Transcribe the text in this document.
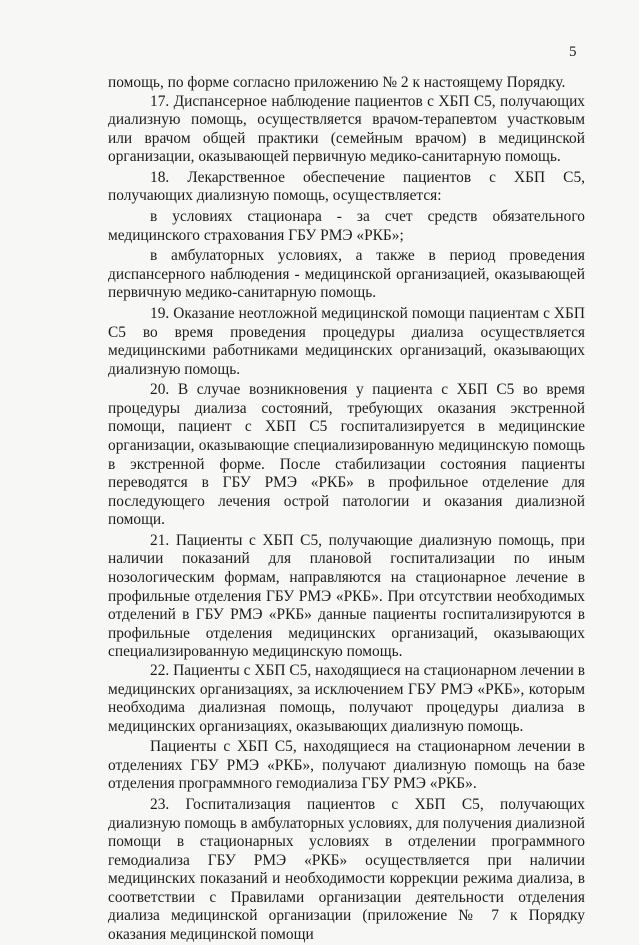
5

помощь, по форме согласно приложению № 2 к настоящему Порядку.

17. Диспансерное наблюдение пациентов с ХБП С5, получающих диализную помощь, осуществляется врачом-терапевтом участковым или врачом общей практики (семейным врачом) в медицинской организации, оказывающей первичную медико-санитарную помощь.

18. Лекарственное обеспечение пациентов с ХБП С5, получающих диализную помощь, осуществляется:

в условиях стационара - за счет средств обязательного медицинского страхования ГБУ РМЭ «РКБ»;

в амбулаторных условиях, а также в период проведения диспансерного наблюдения - медицинской организацией, оказывающей первичную медико-санитарную помощь.

19. Оказание неотложной медицинской помощи пациентам с ХБП С5 во время проведения процедуры диализа осуществляется медицинскими работниками медицинских организаций, оказывающих диализную помощь.

20. В случае возникновения у пациента с ХБП С5 во время процедуры диализа состояний, требующих оказания экстренной помощи, пациент с ХБП С5 госпитализируется в медицинские организации, оказывающие специализированную медицинскую помощь в экстренной форме. После стабилизации состояния пациенты переводятся в ГБУ РМЭ «РКБ» в профильное отделение для последующего лечения острой патологии и оказания диализной помощи.

21. Пациенты с ХБП С5, получающие диализную помощь, при наличии показаний для плановой госпитализации по иным нозологическим формам, направляются на стационарное лечение в профильные отделения ГБУ РМЭ «РКБ». При отсутствии необходимых отделений в ГБУ РМЭ «РКБ» данные пациенты госпитализируются в профильные отделения медицинских организаций, оказывающих специализированную медицинскую помощь.

22. Пациенты с ХБП С5, находящиеся на стационарном лечении в медицинских организациях, за исключением ГБУ РМЭ «РКБ», которым необходима диализная помощь, получают процедуры диализа в медицинских организациях, оказывающих диализную помощь.

Пациенты с ХБП С5, находящиеся на стационарном лечении в отделениях ГБУ РМЭ «РКБ», получают диализную помощь на базе отделения программного гемодиализа ГБУ РМЭ «РКБ».

23. Госпитализация пациентов с ХБП С5, получающих диализную помощь в амбулаторных условиях, для получения диализной помощи в стационарных условиях в отделении программного гемодиализа ГБУ РМЭ «РКБ» осуществляется при наличии медицинских показаний и необходимости коррекции режима диализа, в соответствии с Правилами организации деятельности отделения диализа медицинской организации (приложение № 7 к Порядку оказания медицинской помощи
